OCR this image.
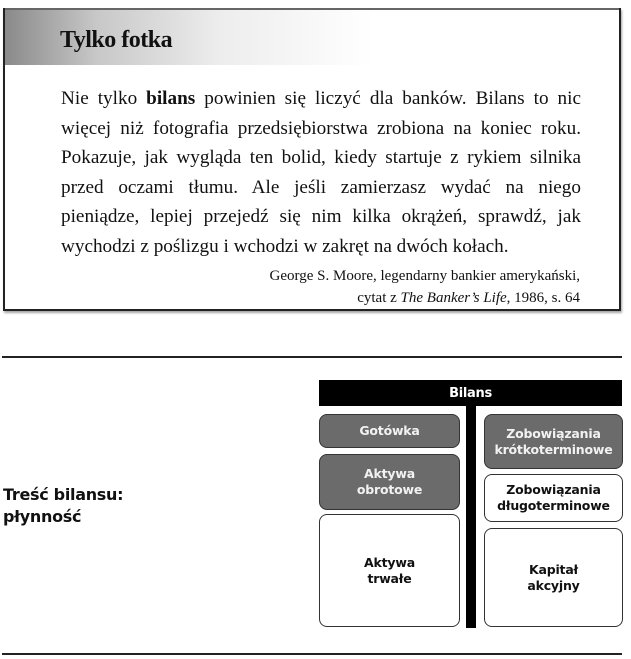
Tylko fotka

Nie tylko bilans powinien się liczyć dla banków. Bilans to nic więcej niż fotografia przedsiębiorstwa zrobiona na koniec roku. Pokazuje, jak wygląda ten bolid, kiedy startuje z rykiem silnika przed oczami tłumu. Ale jeśli zamierzasz wydać na niego pieniądze, lepiej przejedź się nim kilka okrążeń, sprawdź, jak wychodzi z poślizgu i wchodzi w zakręt na dwóch kołach.

George S. Moore, legendarny bankier amerykański,
cytat z The Banker’s Life, 1986, s. 64
Treść bilansu:
płynność
Bilans
Gotówka
Aktywa
obrotowe
Aktywa
trwałe
Zobowiązania
krótkoterminowe
Zobowiązania
długoterminowe
Kapitał
akcyjny
